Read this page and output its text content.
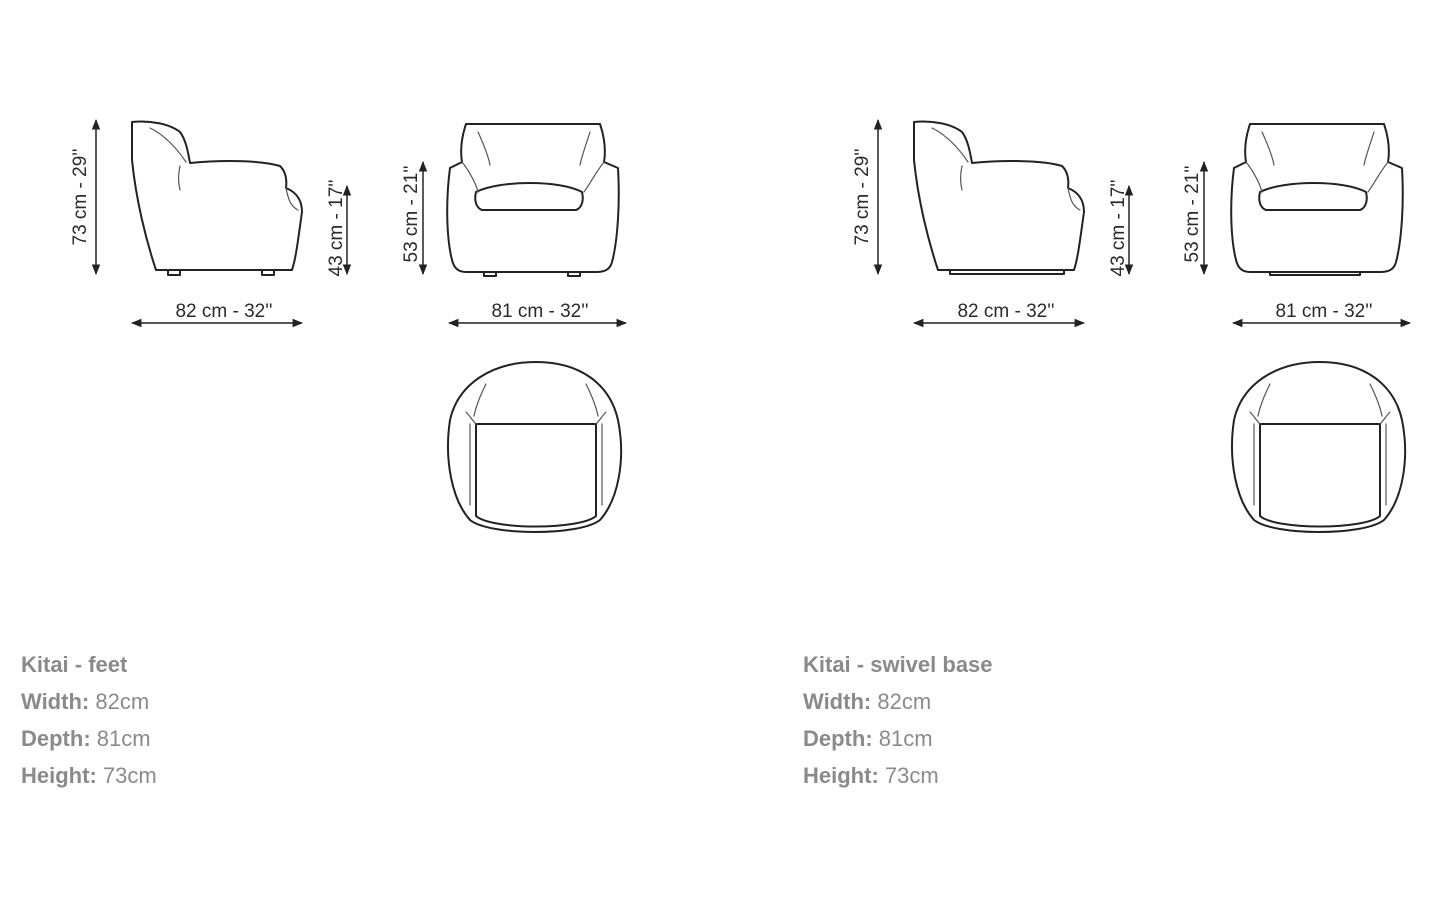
73 cm - 29''	43 cm - 17''
82 cm - 32''
53 cm - 21''
81 cm - 32''
73 cm - 29''	43 cm - 17''
82 cm - 32''
53 cm - 21''
81 cm - 32''
Kitai - feet
Width: 82cm
Depth: 81cm
Height: 73cm
Kitai - swivel base
Width: 82cm
Depth: 81cm
Height: 73cm
